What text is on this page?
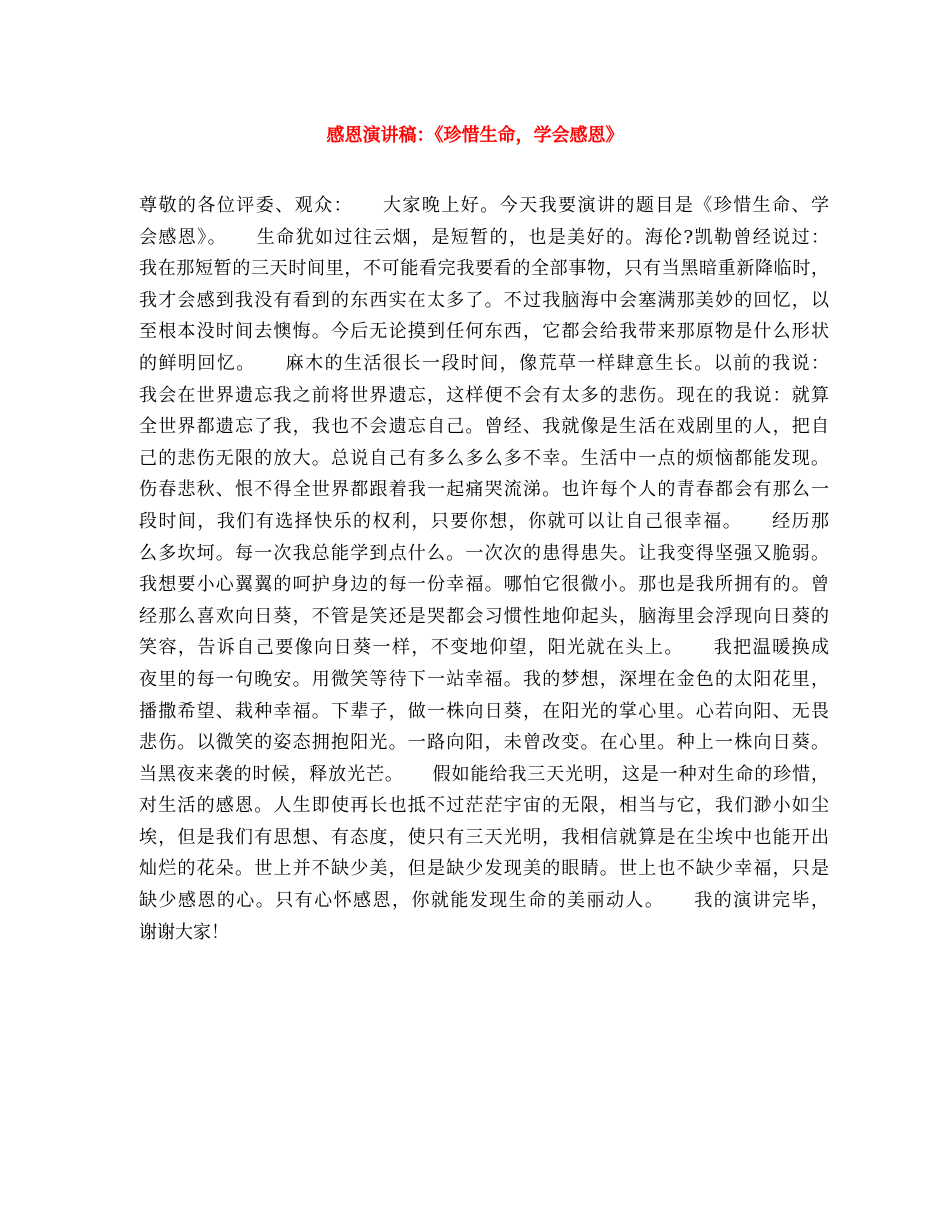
感恩演讲稿：《珍惜生命，学会感恩》
尊敬的各位评委、观众：　　大家晚上好。今天我要演讲的题目是《珍惜生命、学
会感恩》。　　生命犹如过往云烟，是短暂的，也是美好的。海伦?凯勒曾经说过：
我在那短暂的三天时间里，不可能看完我要看的全部事物，只有当黑暗重新降临时，
我才会感到我没有看到的东西实在太多了。不过我脑海中会塞满那美妙的回忆，以
至根本没时间去懊悔。今后无论摸到任何东西，它都会给我带来那原物是什么形状
的鲜明回忆。　　麻木的生活很长一段时间，像荒草一样肆意生长。以前的我说：
我会在世界遗忘我之前将世界遗忘，这样便不会有太多的悲伤。现在的我说：就算
全世界都遗忘了我，我也不会遗忘自己。曾经、我就像是生活在戏剧里的人，把自
己的悲伤无限的放大。总说自己有多么多么多不幸。生活中一点的烦恼都能发现。
伤春悲秋、恨不得全世界都跟着我一起痛哭流涕。也许每个人的青春都会有那么一
段时间，我们有选择快乐的权利，只要你想，你就可以让自己很幸福。　　经历那
么多坎坷。每一次我总能学到点什么。一次次的患得患失。让我变得坚强又脆弱。
我想要小心翼翼的呵护身边的每一份幸福。哪怕它很微小。那也是我所拥有的。曾
经那么喜欢向日葵，不管是笑还是哭都会习惯性地仰起头，脑海里会浮现向日葵的
笑容，告诉自己要像向日葵一样，不变地仰望，阳光就在头上。　　我把温暖换成
夜里的每一句晚安。用微笑等待下一站幸福。我的梦想，深埋在金色的太阳花里，
播撒希望、栽种幸福。下辈子，做一株向日葵，在阳光的掌心里。心若向阳、无畏
悲伤。以微笑的姿态拥抱阳光。一路向阳，未曾改变。在心里。种上一株向日葵。
当黑夜来袭的时候，释放光芒。　　假如能给我三天光明，这是一种对生命的珍惜，
对生活的感恩。人生即使再长也抵不过茫茫宇宙的无限，相当与它，我们渺小如尘
埃，但是我们有思想、有态度，使只有三天光明，我相信就算是在尘埃中也能开出
灿烂的花朵。世上并不缺少美，但是缺少发现美的眼睛。世上也不缺少幸福，只是
缺少感恩的心。只有心怀感恩，你就能发现生命的美丽动人。　　我的演讲完毕，
谢谢大家！
